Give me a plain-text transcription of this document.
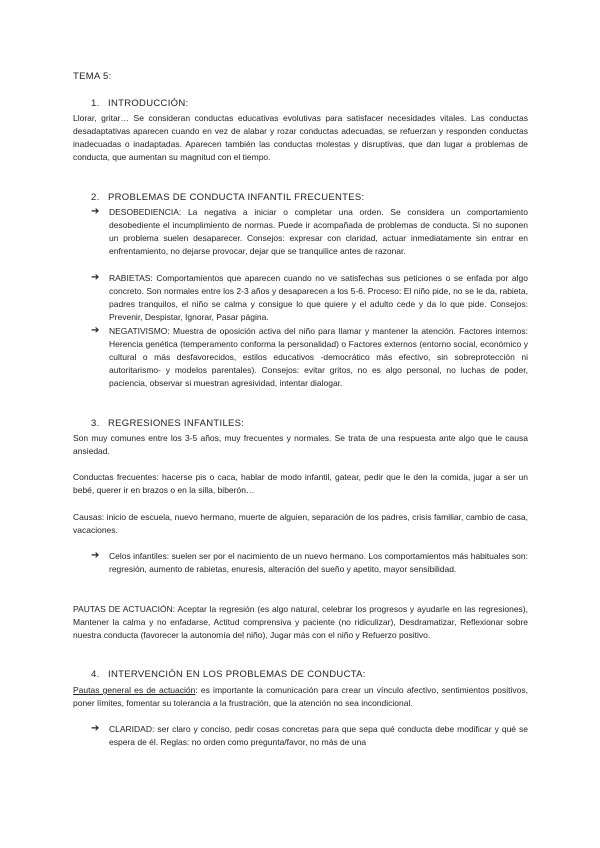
TEMA 5:
1. INTRODUCCIÓN:
Llorar, gritar… Se consideran conductas educativas evolutivas para satisfacer necesidades vitales. Las conductas desadaptativas aparecen cuando en vez de alabar y rozar conductas adecuadas, se refuerzan y responden conductas inadecuadas o inadaptadas. Aparecen también las conductas molestas y disruptivas, que dan lugar a problemas de conducta, que aumentan su magnitud con el tiempo.
2. PROBLEMAS DE CONDUCTA INFANTIL FRECUENTES:
➔ DESOBEDIENCIA: La negativa a iniciar o completar una orden. Se considera un comportamiento desobediente el incumplimiento de normas. Puede ir acompañada de problemas de conducta. Si no suponen un problema suelen desaparecer. Consejos: expresar con claridad, actuar inmediatamente sin entrar en enfrentamiento, no dejarse provocar, dejar que se tranquilice antes de razonar.
➔ RABIETAS: Comportamientos que aparecen cuando no ve satisfechas sus peticiones o se enfada por algo concreto. Son normales entre los 2-3 años y desaparecen a los 5-6. Proceso: El niño pide, no se le da, rabieta, padres tranquilos, el niño se calma y consigue lo que quiere y el adulto cede y da lo que pide. Consejos: Prevenir, Despistar, Ignorar, Pasar página.
➔ NEGATIVISMO: Muestra de oposición activa del niño para llamar y mantener la atención. Factores internos: Herencia genética (temperamento conforma la personalidad) o Factores externos (entorno social, económico y cultural o más desfavorecidos, estilos educativos -democrático más efectivo, sin sobreprotección ni autoritarismo- y modelos parentales). Consejos: evitar gritos, no es algo personal, no luchas de poder, paciencia, observar si muestran agresividad, intentar dialogar.
3. REGRESIONES INFANTILES:
Son muy comunes entre los 3-5 años, muy frecuentes y normales. Se trata de una respuesta ante algo que le causa ansiedad.
Conductas frecuentes: hacerse pis o caca, hablar de modo infantil, gatear, pedir que le den la comida, jugar a ser un bebé, querer ir en brazos o en la silla, biberón…
Causas: inicio de escuela, nuevo hermano, muerte de alguien, separación de los padres, crisis familiar, cambio de casa, vacaciones.
➔ Celos infantiles: suelen ser por el nacimiento de un nuevo hermano. Los comportamientos más habituales son: regresión, aumento de rabietas, enuresis, alteración del sueño y apetito, mayor sensibilidad.
PAUTAS DE ACTUACIÓN: Aceptar la regresión (es algo natural, celebrar los progresos y ayudarle en las regresiones), Mantener la calma y no enfadarse, Actitud comprensiva y paciente (no ridiculizar), Desdramatizar, Reflexionar sobre nuestra conducta (favorecer la autonomía del niño), Jugar más con el niño y Refuerzo positivo.
4. INTERVENCIÓN EN LOS PROBLEMAS DE CONDUCTA:
Pautas general es de actuación: es importante la comunicación para crear un vínculo afectivo, sentimientos positivos, poner límites, fomentar su tolerancia a la frustración, que la atención no sea incondicional.
➔ CLARIDAD: ser claro y conciso, pedir cosas concretas para que sepa qué conducta debe modificar y qué se espera de él. Reglas: no orden como pregunta/favor, no más de una
